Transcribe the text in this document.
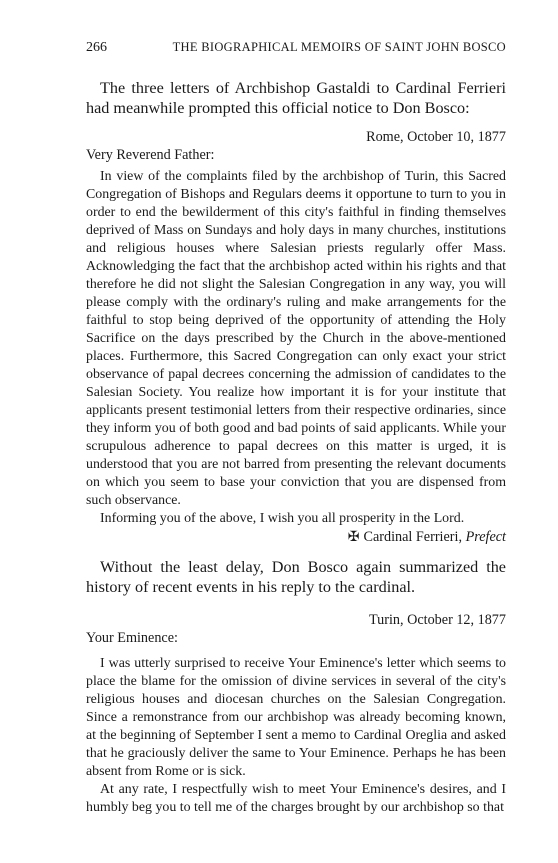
266	THE BIOGRAPHICAL MEMOIRS OF SAINT JOHN BOSCO

The three letters of Archbishop Gastaldi to Cardinal Ferrieri had meanwhile prompted this official notice to Don Bosco:

Rome, October 10, 1877

Very Reverend Father:

In view of the complaints filed by the archbishop of Turin, this Sacred Congregation of Bishops and Regulars deems it opportune to turn to you in order to end the bewilderment of this city's faithful in finding themselves deprived of Mass on Sundays and holy days in many churches, institutions and religious houses where Salesian priests regularly offer Mass. Acknowledging the fact that the archbishop acted within his rights and that therefore he did not slight the Salesian Congregation in any way, you will please comply with the ordinary's ruling and make arrangements for the faithful to stop being deprived of the opportunity of attending the Holy Sacrifice on the days prescribed by the Church in the above-mentioned places. Furthermore, this Sacred Congregation can only exact your strict observance of papal decrees concerning the admission of candidates to the Salesian Society. You realize how important it is for your institute that applicants present testimonial letters from their respective ordinaries, since they inform you of both good and bad points of said applicants. While your scrupulous adherence to papal decrees on this matter is urged, it is understood that you are not barred from presenting the relevant documents on which you seem to base your conviction that you are dispensed from such observance.

Informing you of the above, I wish you all prosperity in the Lord.

✠ Cardinal Ferrieri, Prefect

Without the least delay, Don Bosco again summarized the history of recent events in his reply to the cardinal.

Turin, October 12, 1877

Your Eminence:

I was utterly surprised to receive Your Eminence's letter which seems to place the blame for the omission of divine services in several of the city's religious houses and diocesan churches on the Salesian Congregation. Since a remonstrance from our archbishop was already becoming known, at the beginning of September I sent a memo to Cardinal Oreglia and asked that he graciously deliver the same to Your Eminence. Perhaps he has been absent from Rome or is sick.

At any rate, I respectfully wish to meet Your Eminence's desires, and I humbly beg you to tell me of the charges brought by our archbishop so that
